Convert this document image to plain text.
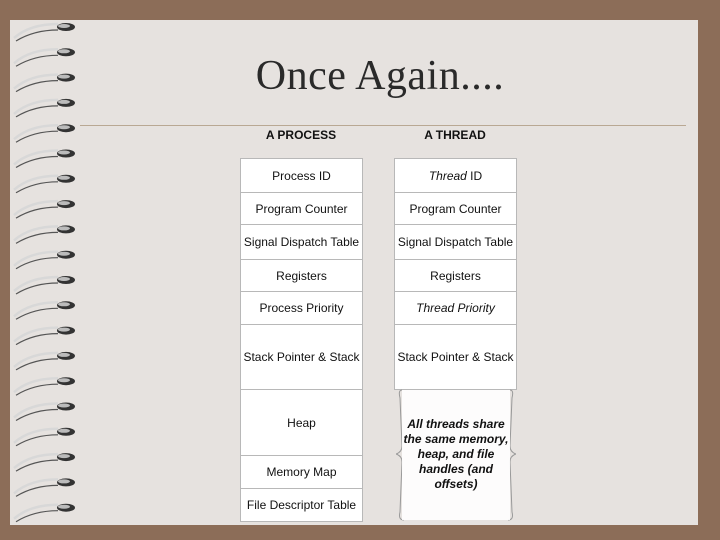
Once Again....
A PROCESS	A THREAD
Process ID
Program Counter
Signal Dispatch Table
Registers
Process Priority
Stack Pointer & Stack
Heap
Memory Map
File Descriptor Table
Thread ID
Program Counter
Signal Dispatch Table
Registers
Thread Priority
Stack Pointer & Stack
All threads share the same memory, heap, and file handles (and offsets)
